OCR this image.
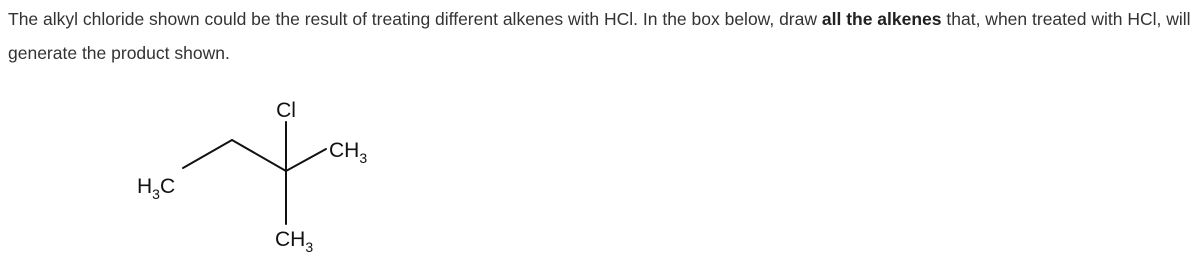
The alkyl chloride shown could be the result of treating different alkenes with HCl. In the box below, draw all the alkenes that, when treated with HCl, will generate the product shown.

Cl
$CH_3$
$H_3C$
$CH_3$
